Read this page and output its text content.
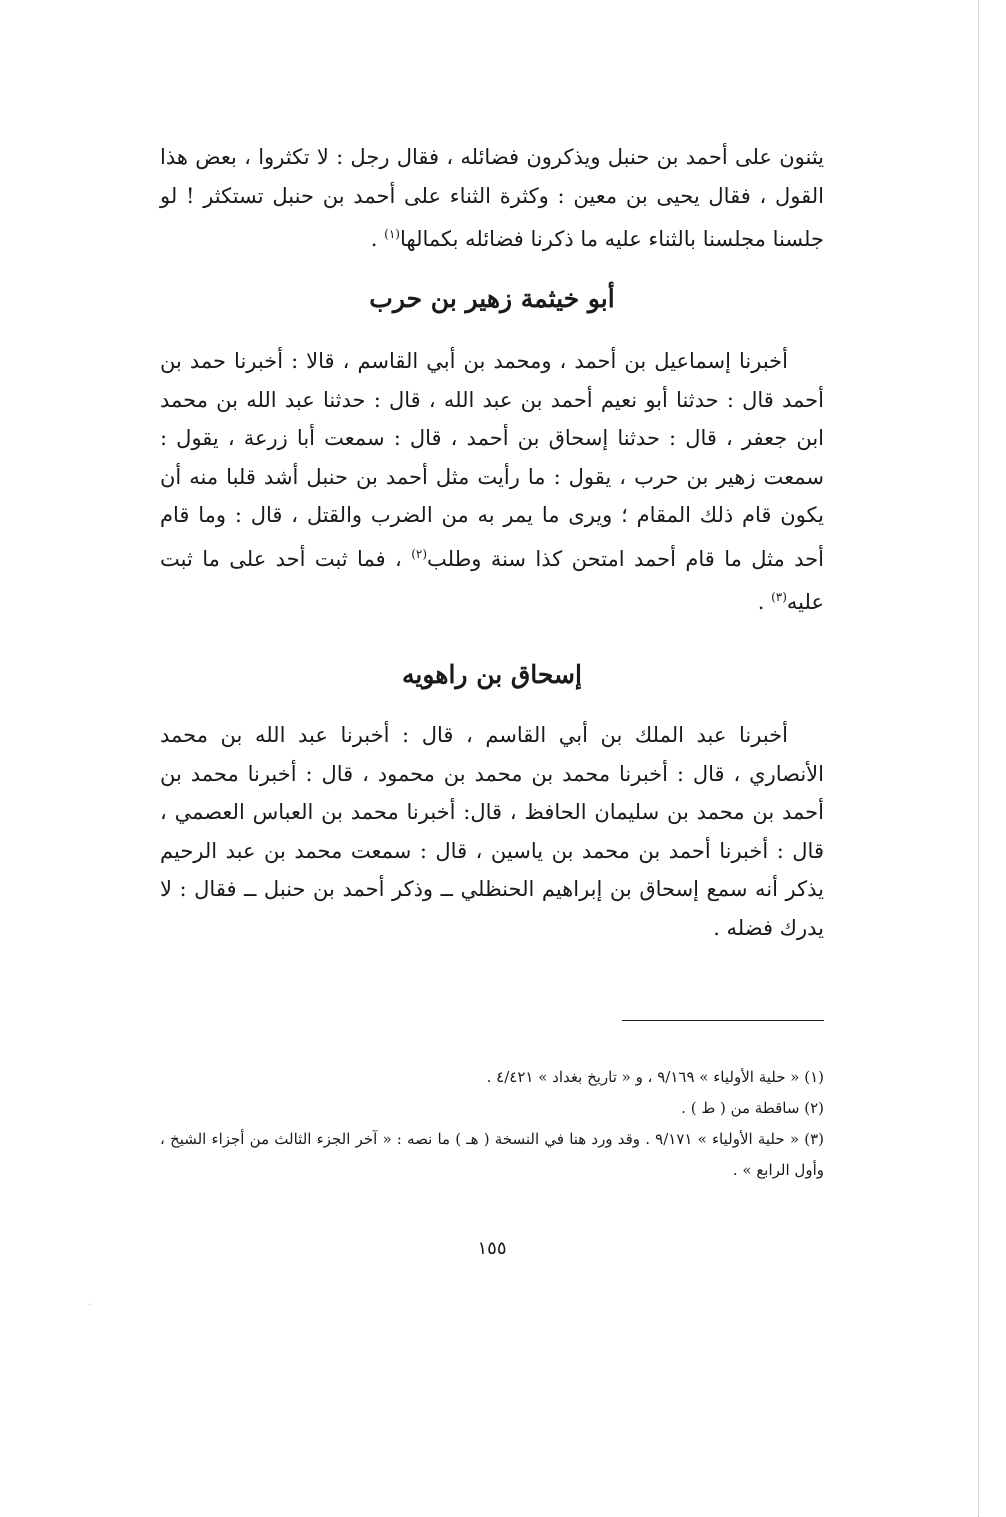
يثنون على أحمد بن حنبل ويذكرون فضائله ، فقال رجل : لا تكثروا ، بعض هذا القول ، فقال يحيى بن معين : وكثرة الثناء على أحمد بن حنبل تستكثر ! لو جلسنا مجلسنا بالثناء عليه ما ذكرنا فضائله بكمالها$^{(١)}$ .

أبو خيثمة زهير بن حرب

أخبرنا إسماعيل بن أحمد ، ومحمد بن أبي القاسم ، قالا : أخبرنا حمد بن أحمد قال : حدثنا أبو نعيم أحمد بن عبد الله ، قال : حدثنا عبد الله بن محمد ابن جعفر ، قال : حدثنا إسحاق بن أحمد ، قال : سمعت أبا زرعة ، يقول : سمعت زهير بن حرب ، يقول : ما رأيت مثل أحمد بن حنبل أشد قلبا منه أن يكون قام ذلك المقام ؛ ويرى ما يمر به من الضرب والقتل ، قال : وما قام أحد مثل ما قام أحمد امتحن كذا سنة وطلب$^{(٢)}$ ، فما ثبت أحد على ما ثبت عليه$^{(٣)}$ .

إسحاق بن راهويه

أخبرنا عبد الملك بن أبي القاسم ، قال : أخبرنا عبد الله بن محمد الأنصاري ، قال : أخبرنا محمد بن محمد بن محمود ، قال : أخبرنا محمد بن أحمد بن محمد بن سليمان الحافظ ، قال: أخبرنا محمد بن العباس العصمي ، قال : أخبرنا أحمد بن محمد بن ياسين ، قال : سمعت محمد بن عبد الرحيم يذكر أنه سمع إسحاق بن إبراهيم الحنظلي ــ وذكر أحمد بن حنبل ــ فقال : لا يدرك فضله .

(١) « حلية الأولياء » ٩/١٦٩ ، و « تاريخ بغداد » ٤/٤٢١ .

(٢) ساقطة من ( ط ) .

(٣) « حلية الأولياء » ٩/١٧١ . وقد ورد هنا في النسخة ( هـ ) ما نصه : « آخر الجزء الثالث من أجزاء الشيخ ، وأول الرابع » .

١٥٥
·
